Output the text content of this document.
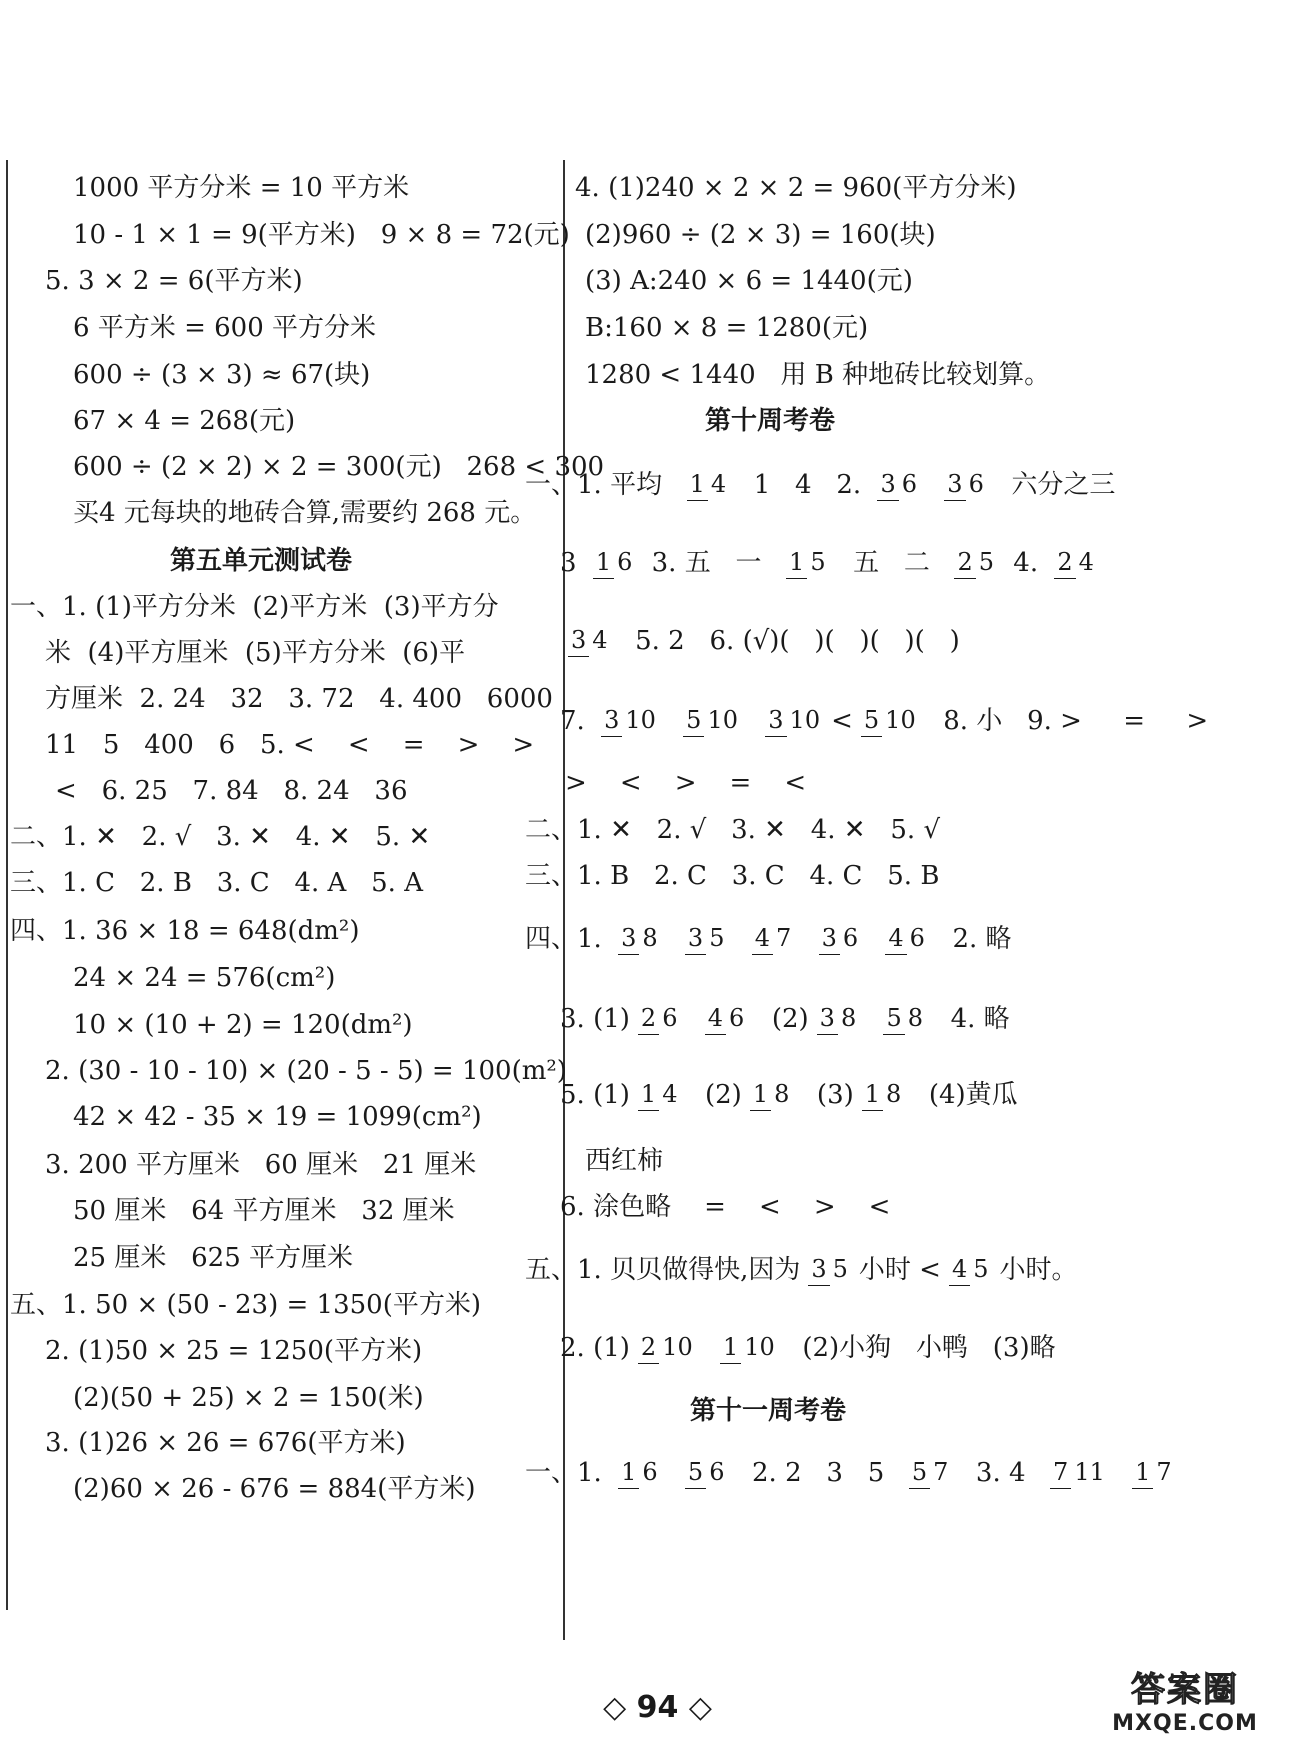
1000 平方分米 = 10 平方米
10 - 1 × 1 = 9(平方米)   9 × 8 = 72(元)
5. 3 × 2 = 6(平方米)
6 平方米 = 600 平方分米
600 ÷ (3 × 3) ≈ 67(块)
67 × 4 = 268(元)
600 ÷ (2 × 2) × 2 = 300(元)   268 < 300
买4 元每块的地砖合算,需要约 268 元。
第五单元测试卷
一、1. (1)平方分米  (2)平方米  (3)平方分
米  (4)平方厘米  (5)平方分米  (6)平
方厘米  2. 24   32   3. 72   4. 400   6000
11   5   400   6   5. <    <    =    >    >
<   6. 25   7. 84   8. 24   36
二、1. ✕   2. √   3. ✕   4. ✕   5. ✕
三、1. C   2. B   3. C   4. A   5. A
四、1. 36 × 18 = 648(dm²)
24 × 24 = 576(cm²)
10 × (10 + 2) = 120(dm²)
2. (30 - 10 - 10) × (20 - 5 - 5) = 100(m²)
42 × 42 - 35 × 19 = 1099(cm²)
3. 200 平方厘米   60 厘米   21 厘米
50 厘米   64 平方厘米   32 厘米
25 厘米   625 平方厘米
五、1. 50 × (50 - 23) = 1350(平方米)
2. (1)50 × 25 = 1250(平方米)
(2)(50 + 25) × 2 = 150(米)
3. (1)26 × 26 = 676(平方米)
(2)60 × 26 - 676 = 884(平方米)
4. (1)240 × 2 × 2 = 960(平方分米)
(2)960 ÷ (2 × 3) = 160(块)
(3) A:240 × 6 = 1440(元)
B:160 × 8 = 1280(元)
1280 < 1440   用 B 种地砖比较划算。
第十周考卷
一、1. 平均 1 4 1   4   2. 3 6
3 6 六分之三
3 1 6 3. 五   一 1 5 五   二 2 5 4. 2 4
3 4 5. 2   6. (√)(   )(   )(   )(   )
7. 3 10
5 10
3 10 < 5 10 8. 小   9. >     =     >
>    <    >    =    <
二、1. ✕   2. √   3. ✕   4. ✕   5. √
三、1. B   2. C   3. C   4. C   5. B
四、1. 3 8
3 5
4 7
3 6
4 6 2. 略
3. (1) 2 6
4 6 (2) 3 8
5 8 4. 略
5. (1) 1 4 (2) 1 8 (3) 1 8 (4)黄瓜
西红柿
6. 涂色略    =    <    >    <
五、1. 贝贝做得快,因为 3 5 小时 < 4 5 小时。
2. (1) 2 10
1 10 (2)小狗   小鸭   (3)略
第十一周考卷
一、1. 1 6
5 6 2. 2   3   5 5 7 3. 4 7 11
1 7
◇ 94 ◇	答案圈
MXQE.COM
